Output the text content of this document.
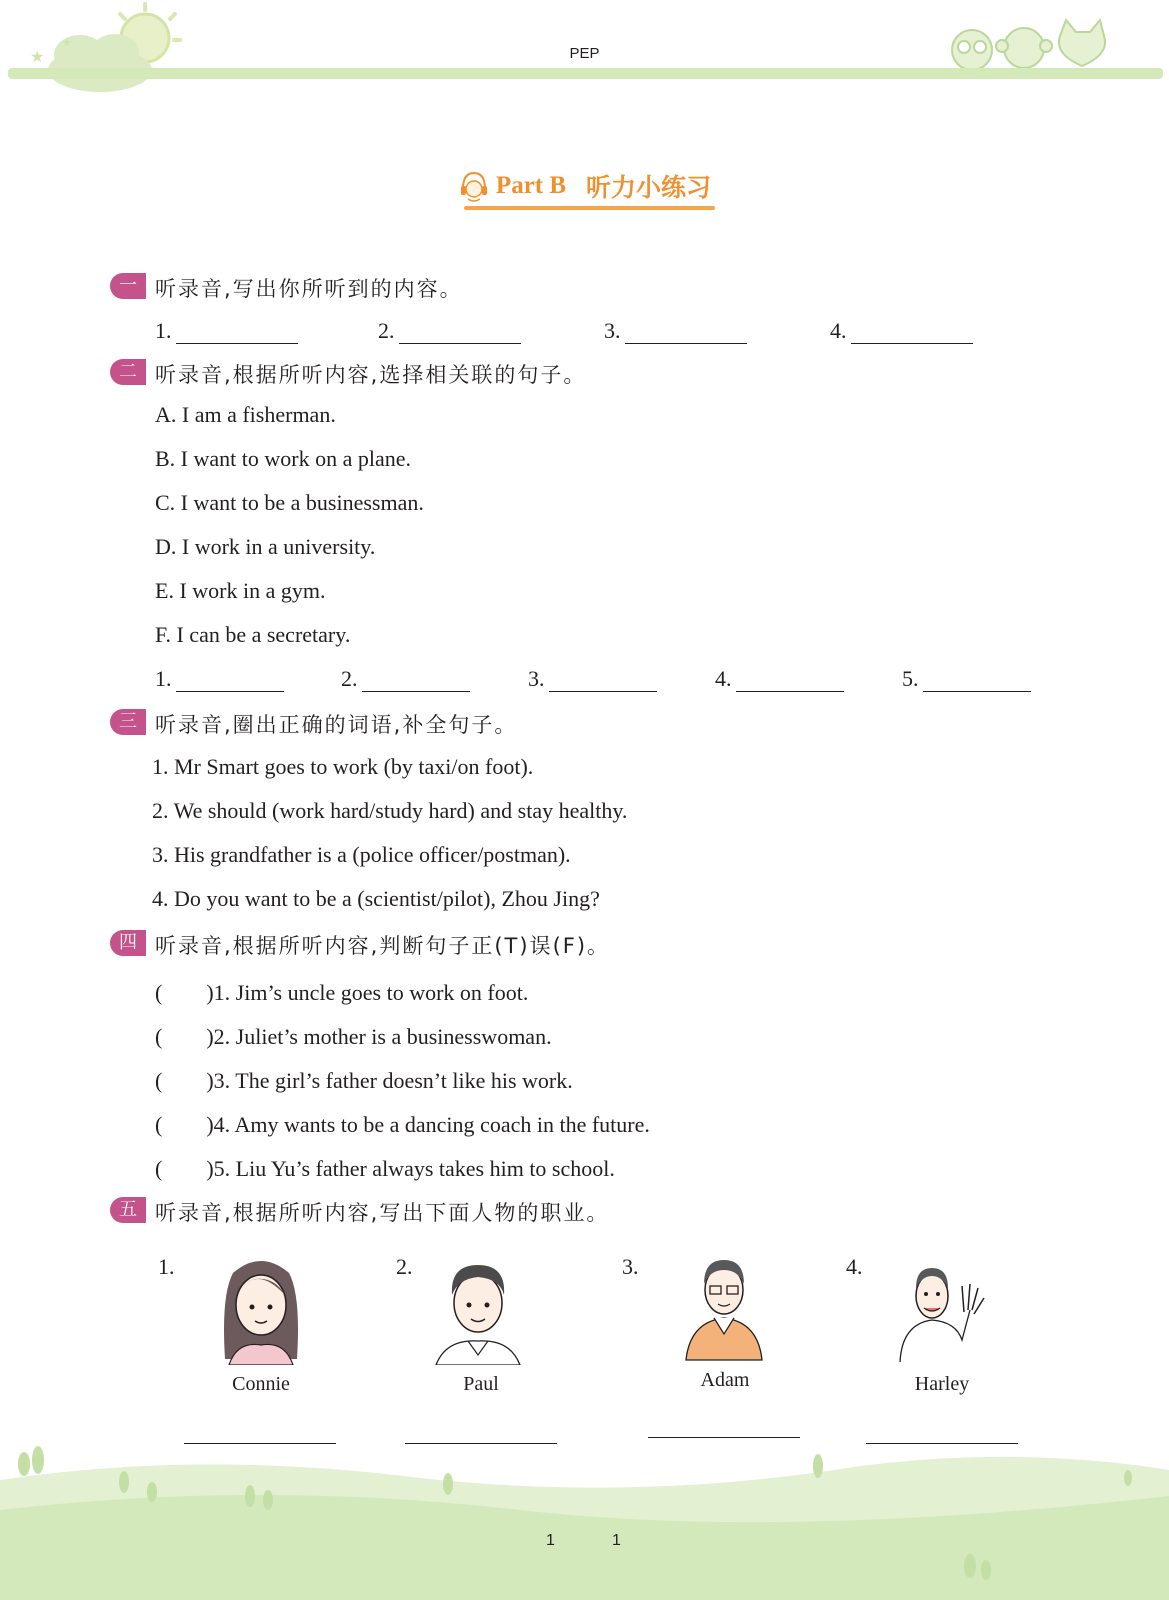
★
★
PEP
Part B 听力小练习
一 听录音,写出你所听到的内容。
1.	2.	3.	4.
二 听录音,根据所听内容,选择相关联的句子。
A. I am a fisherman.
B. I want to work on a plane.
C. I want to be a businessman.
D. I work in a university.
E. I work in a gym.
F. I can be a secretary.
1.	2.	3.	4.	5.
三 听录音,圈出正确的词语,补全句子。
1. Mr Smart goes to work (by taxi/on foot).
2. We should (work hard/study hard) and stay healthy.
3. His grandfather is a (police officer/postman).
4. Do you want to be a (scientist/pilot), Zhou Jing?
四 听录音,根据所听内容,判断句子正(T)误(F)。
(　　)1. Jim’s uncle goes to work on foot.
(　　)2. Juliet’s mother is a businesswoman.
(　　)3. The girl’s father doesn’t like his work.
(　　)4. Amy wants to be a dancing coach in the future.
(　　)5. Liu Yu’s father always takes him to school.
五 听录音,根据所听内容,写出下面人物的职业。
1.
Connie
2.
Paul
3.
Adam
4.
Harley
1	1
